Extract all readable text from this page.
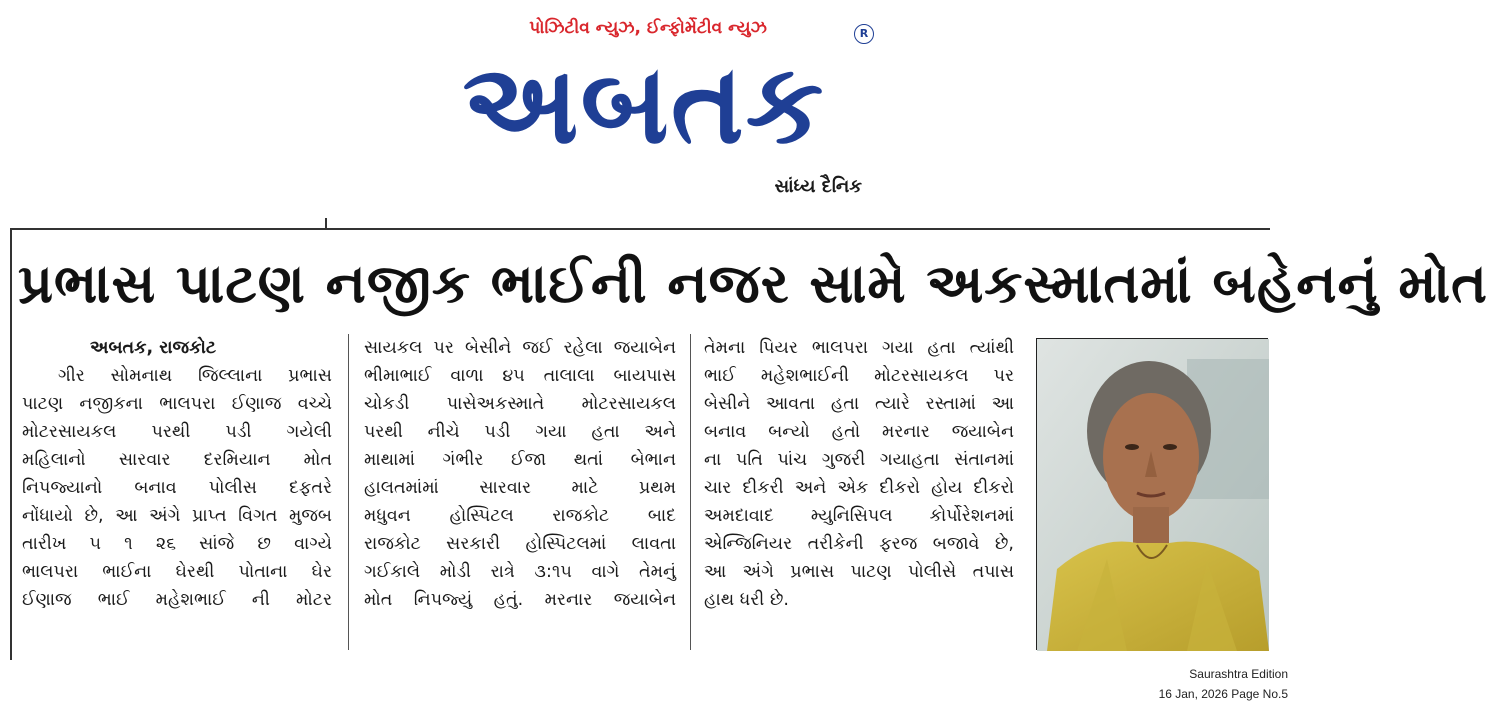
પોઝિટીવ ન્યુઝ, ઈન્ફોર્મેટીવ ન્યુઝ	R
અબતક
સાંધ્ય દૈનિક
પ્રભાસ પાટણ નજીક ભાઈની નજર સામે અકસ્માતમાં બહેનનું મોત
અબતક, રાજકોટ
ગીર સોમનાથ જિલ્લાના પ્રભાસ
પાટણ નજીકના ભાલપરા ઈણાજ વચ્ચે
મોટરસાયકલ પરથી પડી ગયેલી
મહિલાનો સારવાર દરમિયાન મોત
નિપજ્યાનો બનાવ પોલીસ દફતરે
નોંધાયો છે, આ અંગે પ્રાપ્ત વિગત મુજબ
તારીખ ૫ ૧ ૨૬ સાંજે છ વાગ્યે
ભાલપરા ભાઈના ઘેરથી પોતાના ઘેર
ઈણાજ ભાઈ મહેશભાઈ ની મોટર
સાયકલ પર બેસીને જઈ રહેલા જયાબેન
ભીમાભાઈ વાળા ૪૫ તાલાલા બાયપાસ
ચોકડી પાસેઅકસ્માતે મોટરસાયકલ
પરથી નીચે પડી ગયા હતા અને
માથામાં ગંભીર ઈજા થતાં બેભાન
હાલતમાંમાં સારવાર માટે પ્રથમ
મધુવન હોસ્પિટલ રાજકોટ બાદ
રાજકોટ સરકારી હોસ્પિટલમાં લાવતા
ગઈકાલે મોડી રાત્રે ૩:૧૫ વાગે તેમનું
મોત નિપજ્યું હતું. મરનાર જયાબેન
તેમના પિયર ભાલપરા ગયા હતા ત્યાંથી
ભાઈ મહેશભાઈની મોટરસાયકલ પર
બેસીને આવતા હતા ત્યારે રસ્તામાં આ
બનાવ બન્યો હતો મરનાર જયાબેન
ના પતિ પાંચ ગુજરી ગયાહતા સંતાનમાં
ચાર દીકરી અને એક દીકરો હોય દીકરો
અમદાવાદ મ્યુનિસિપલ કોર્પોરેશનમાં
એન્જિનિયર તરીકેની ફરજ બજાવે છે,
આ અંગે પ્રભાસ પાટણ પોલીસે તપાસ
હાથ ધરી છે.
Saurashtra Edition
16 Jan, 2026 Page No.5
